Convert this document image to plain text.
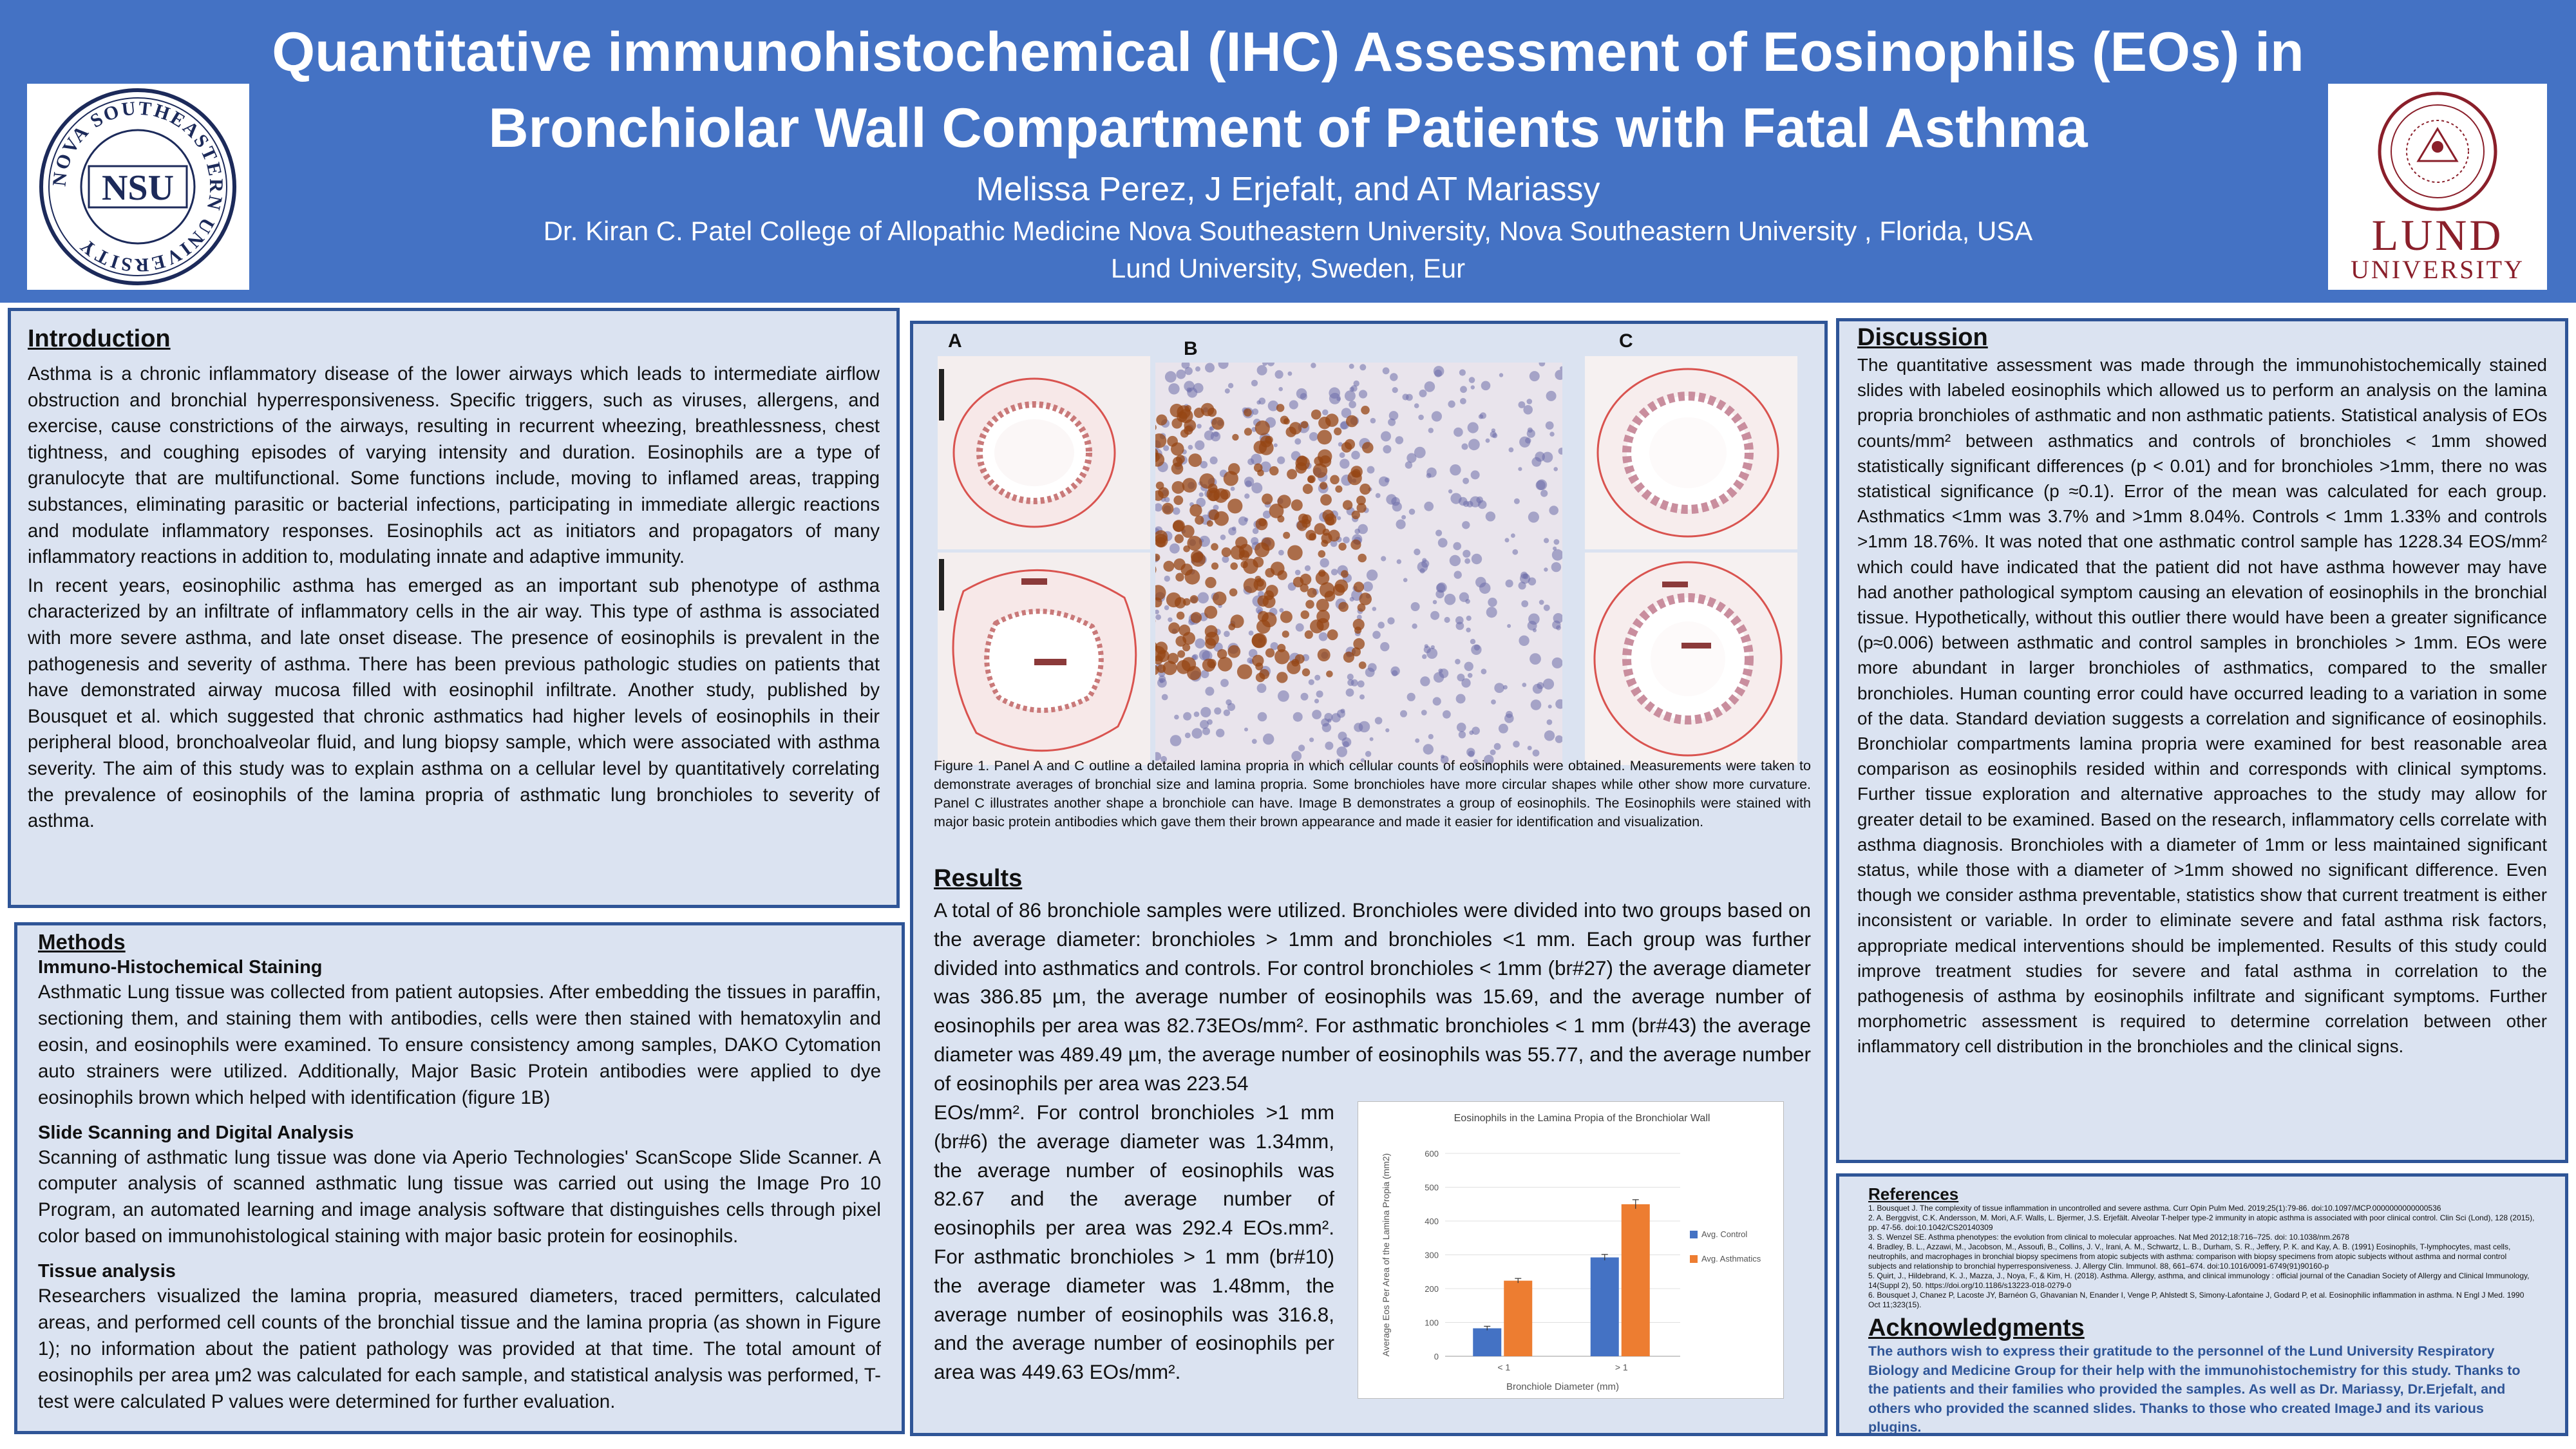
Quantitative immunohistochemical (IHC) Assessment of Eosinophils (EOs) in Bronchiolar Wall Compartment of Patients with Fatal Asthma
Melissa Perez, J Erjefalt, and AT Mariassy
Dr. Kiran C. Patel College of Allopathic Medicine Nova Southeastern University, Nova Southeastern University , Florida, USA
Lund University, Sweden, Eur
NOVA SOUTHEASTERN UNIVERSITY
NSU
LUND
UNIVERSITY
Introduction

Asthma is a chronic inflammatory disease of the lower airways which leads to intermediate airflow obstruction and bronchial hyperresponsiveness. Specific triggers, such as viruses, allergens, and exercise, cause constrictions of the airways, resulting in recurrent wheezing, breathlessness, chest tightness, and coughing episodes of varying intensity and duration. Eosinophils are a type of granulocyte that are multifunctional. Some functions include, moving to inflamed areas, trapping substances, eliminating parasitic or bacterial infections, participating in immediate allergic reactions and modulate inflammatory responses. Eosinophils act as initiators and propagators of many inflammatory reactions in addition to, modulating innate and adaptive immunity.

In recent years, eosinophilic asthma has emerged as an important sub phenotype of asthma characterized by an infiltrate of inflammatory cells in the air way. This type of asthma is associated with more severe asthma, and late onset disease. The presence of eosinophils is prevalent in the pathogenesis and severity of asthma. There has been previous pathologic studies on patients that have demonstrated airway mucosa filled with eosinophil infiltrate. Another study, published by Bousquet et al. which suggested that chronic asthmatics had higher levels of eosinophils in their peripheral blood, bronchoalveolar fluid, and lung biopsy sample, which were associated with asthma severity. The aim of this study was to explain asthma on a cellular level by quantitatively correlating the prevalence of eosinophils of the lamina propria of asthmatic lung bronchioles to severity of asthma.

Methods
Immuno-Histochemical Staining

Asthmatic Lung tissue was collected from patient autopsies. After embedding the tissues in paraffin, sectioning them, and staining them with antibodies, cells were then stained with hematoxylin and eosin, and eosinophils were examined. To ensure consistency among samples, DAKO Cytomation auto strainers were utilized. Additionally, Major Basic Protein antibodies were applied to dye eosinophils brown which helped with identification (figure 1B)

Slide Scanning and Digital Analysis

Scanning of asthmatic lung tissue was done via Aperio Technologies' ScanScope Slide Scanner. A computer analysis of scanned asthmatic lung tissue was carried out using the Image Pro 10 Program, an automated learning and image analysis software that distinguishes cells through pixel color based on immunohistological staining with major basic protein for eosinophils.

Tissue analysis

Researchers visualized the lamina propria, measured diameters, traced permitters, calculated areas, and performed cell counts of the bronchial tissue and the lamina propria (as shown in Figure 1); no information about the patient pathology was provided at that time. The total amount of eosinophils per area μm2 was calculated for each sample, and statistical analysis was performed, T-test were calculated P values were determined for further evaluation.

A	B	C

Figure 1. Panel A and C outline a detailed lamina propria in which cellular counts of eosinophils were obtained. Measurements were taken to demonstrate averages of bronchial size and lamina propria. Some bronchioles have more circular shapes while other show more curvature. Panel C illustrates another shape a bronchiole can have. Image B demonstrates a group of eosinophils. The Eosinophils were stained with major basic protein antibodies which gave them their brown appearance and made it easier for identification and visualization.

Results

A total of 86 bronchiole samples were utilized. Bronchioles were divided into two groups based on the average diameter: bronchioles > 1mm and bronchioles <1 mm. Each group was further divided into asthmatics and controls. For control bronchioles < 1mm (br#27) the average diameter was 386.85 µm, the average number of eosinophils was 15.69, and the average number of eosinophils per area was 82.73EOs/mm². For asthmatic bronchioles < 1 mm (br#43) the average diameter was 489.49 µm, the average number of eosinophils was 55.77, and the average number of eosinophils per area was 223.54

EOs/mm². For control bronchioles >1 mm (br#6) the average diameter was 1.34mm, the average number of eosinophils was 82.67 and the average number of eosinophils per area was 292.4 EOs.mm². For asthmatic bronchioles > 1 mm (br#10) the average diameter was 1.48mm, the average number of eosinophils was 316.8, and the average number of eosinophils per area was 449.63 EOs/mm².

Eosinophils in the Lamina Propia of the Bronchiolar Wall
0
100
200
300
400
500
600
< 1	> 1
Bronchiole Diameter (mm)
Average Eos Per Area of the Lamina Propia (mm2)	Avg. Control
Avg. Asthmatics
Discussion

The quantitative assessment was made through the immunohistochemically stained slides with labeled eosinophils which allowed us to perform an analysis on the lamina propria bronchioles of asthmatic and non asthmatic patients. Statistical analysis of EOs counts/mm² between asthmatics and controls of bronchioles < 1mm showed statistically significant differences (p < 0.01) and for bronchioles >1mm, there no was statistical significance (p ≈0.1). Error of the mean was calculated for each group. Asthmatics <1mm was 3.7% and >1mm 8.04%. Controls < 1mm 1.33% and controls >1mm 18.76%. It was noted that one asthmatic control sample has 1228.34 EOS/mm² which could have indicated that the patient did not have asthma however may have had another pathological symptom causing an elevation of eosinophils in the bronchial tissue. Hypothetically, without this outlier there would have been a greater significance (p≈0.006) between asthmatic and control samples in bronchioles > 1mm. EOs were more abundant in larger bronchioles of asthmatics, compared to the smaller bronchioles. Human counting error could have occurred leading to a variation in some of the data. Standard deviation suggests a correlation and significance of eosinophils. Bronchiolar compartments lamina propria were examined for best reasonable area comparison as eosinophils resided within and corresponds with clinical symptoms. Further tissue exploration and alternative approaches to the study may allow for greater detail to be examined. Based on the research, inflammatory cells correlate with asthma diagnosis. Bronchioles with a diameter of 1mm or less maintained significant status, while those with a diameter of >1mm showed no significant difference. Even though we consider asthma preventable, statistics show that current treatment is either inconsistent or variable. In order to eliminate severe and fatal asthma risk factors, appropriate medical interventions should be implemented. Results of this study could improve treatment studies for severe and fatal asthma in correlation to the pathogenesis of asthma by eosinophils infiltrate and significant symptoms. Further morphometric assessment is required to determine correlation between other inflammatory cell distribution in the bronchioles and the clinical signs.

References

1. Bousquet J. The complexity of tissue inflammation in uncontrolled and severe asthma. Curr Opin Pulm Med. 2019;25(1):79-86. doi:10.1097/MCP.0000000000000536

2. A. Berggvist, C.K. Andersson, M. Mori, A.F. Walls, L. Bjermer, J.S. Erjefält. Alveolar T-helper type-2 immunity in atopic asthma is associated with poor clinical control. Clin Sci (Lond), 128 (2015), pp. 47-56. doi:10.1042/CS20140309

3. S. Wenzel SE. Asthma phenotypes: the evolution from clinical to molecular approaches. Nat Med 2012;18:716–725. doi: 10.1038/nm.2678

4. Bradley, B. L., Azzawi, M., Jacobson, M., Assoufi, B., Collins, J. V., Irani, A. M., Schwartz, L. B., Durham, S. R., Jeffery, P. K. and Kay, A. B. (1991) Eosinophils, T-lymphocytes, mast cells, neutrophils, and macrophages in bronchial biopsy specimens from atopic subjects with asthma: comparison with biopsy specimens from atopic subjects without asthma and normal control subjects and relationship to bronchial hyperresponsiveness. J. Allergy Clin. Immunol. 88, 661–674. doi:10.1016/0091-6749(91)90160-p

5. Quirt, J., Hildebrand, K. J., Mazza, J., Noya, F., & Kim, H. (2018). Asthma. Allergy, asthma, and clinical immunology : official journal of the Canadian Society of Allergy and Clinical Immunology, 14(Suppl 2), 50. https://doi.org/10.1186/s13223-018-0279-0

6. Bousquet J, Chanez P, Lacoste JY, Barnéon G, Ghavanian N, Enander I, Venge P, Ahlstedt S, Simony-Lafontaine J, Godard P, et al. Eosinophilic inflammation in asthma. N Engl J Med. 1990 Oct 11;323(15).

Acknowledgments

The authors wish to express their gratitude to the personnel of the Lund University Respiratory Biology and Medicine Group for their help with the immunohistochemistry for this study. Thanks to the patients and their families who provided the samples. As well as Dr. Mariassy, Dr.Erjefalt, and others who provided the scanned slides. Thanks to those who created ImageJ and its various plugins.
